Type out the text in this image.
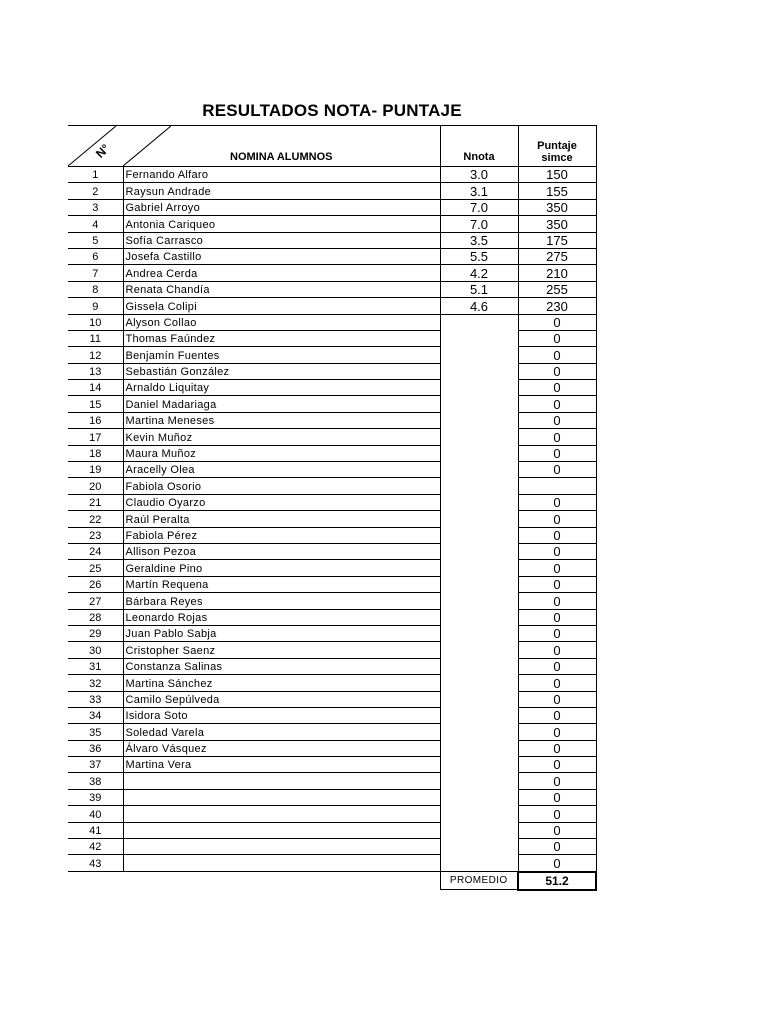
RESULTADOS NOTA- PUNTAJE
N°	NOMINA ALUMNOS	Nnota	Puntaje
simce
1	Fernando Alfaro	3.0	150
2	Raysun Andrade	3.1	155
3	Gabriel Arroyo	7.0	350
4	Antonia Cariqueo	7.0	350
5	Sofía Carrasco	3.5	175
6	Josefa Castillo	5.5	275
7	Andrea Cerda	4.2	210
8	Renata Chandía	5.1	255
9	Gissela Colipi	4.6	230
10	Alyson Collao		0
11	Thomas Faúndez		0
12	Benjamín Fuentes		0
13	Sebastián González		0
14	Arnaldo Liquitay		0
15	Daniel Madariaga		0
16	Martina Meneses		0
17	Kevin Muñoz		0
18	Maura Muñoz		0
19	Aracelly Olea		0
20	Fabiola Osorio		
21	Claudio Oyarzo		0
22	Raúl Peralta		0
23	Fabiola Pérez		0
24	Allison Pezoa		0
25	Geraldine Pino		0
26	Martín Requena		0
27	Bárbara Reyes		0
28	Leonardo Rojas		0
29	Juan Pablo Sabja		0
30	Cristopher Saenz		0
31	Constanza Salinas		0
32	Martina Sánchez		0
33	Camilo Sepúlveda		0
34	Isidora Soto		0
35	Soledad Varela		0
36	Álvaro Vásquez		0
37	Martina Vera		0
38			0
39			0
40			0
41			0
42			0
43			0
		PROMEDIO	51.2
